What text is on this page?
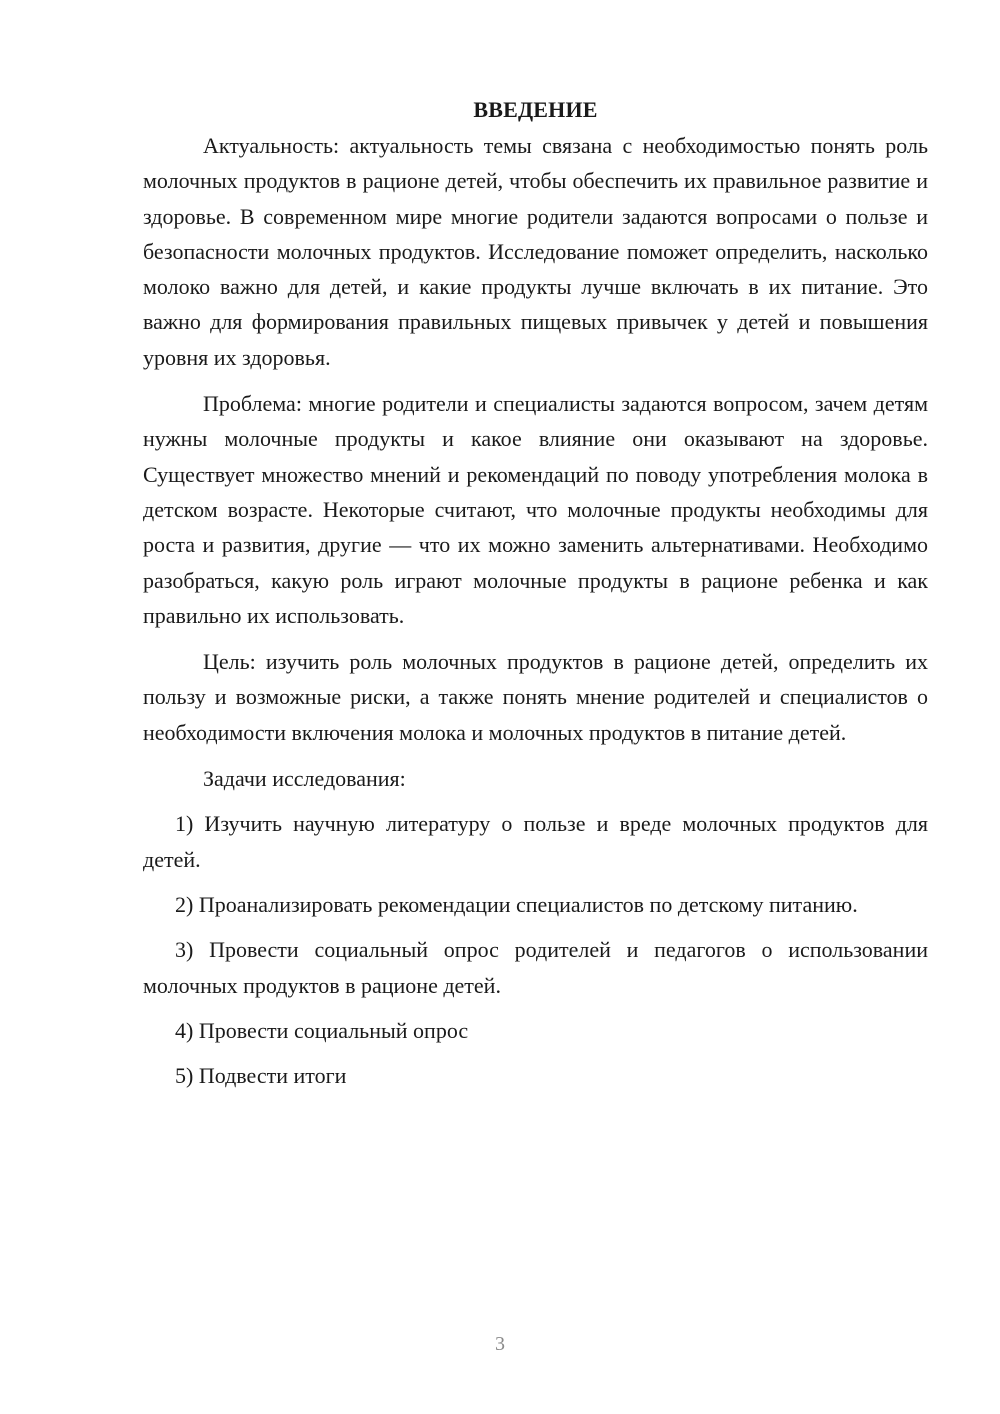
ВВЕДЕНИЕ

Актуальность: актуальность темы связана с необходимостью понять роль молочных продуктов в рационе детей, чтобы обеспечить их правильное развитие и здоровье. В современном мире многие родители задаются вопросами о пользе и безопасности молочных продуктов. Исследование поможет определить, насколько молоко важно для детей, и какие продукты лучше включать в их питание. Это важно для формирования правильных пищевых привычек у детей и повышения уровня их здоровья.

Проблема: многие родители и специалисты задаются вопросом, зачем детям нужны молочные продукты и какое влияние они оказывают на здоровье. Существует множество мнений и рекомендаций по поводу употребления молока в детском возрасте. Некоторые считают, что молочные продукты необходимы для роста и развития, другие — что их можно заменить альтернативами. Необходимо разобраться, какую роль играют молочные продукты в рационе ребенка и как правильно их использовать.

Цель: изучить роль молочных продуктов в рационе детей, определить их пользу и возможные риски, а также понять мнение родителей и специалистов о необходимости включения молока и молочных продуктов в питание детей.

Задачи исследования:

1) Изучить научную литературу о пользе и вреде молочных продуктов для детей.

2) Проанализировать рекомендации специалистов по детскому питанию.

3) Провести социальный опрос родителей и педагогов о использовании молочных продуктов в рационе детей.

4) Провести социальный опрос

5) Подвести итоги

3
